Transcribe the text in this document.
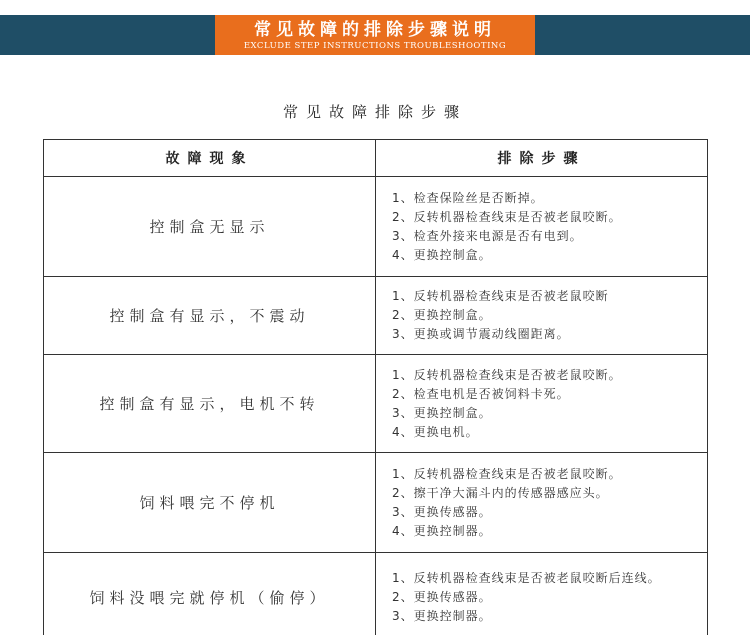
常见故障的排除步骤说明
EXCLUDE STEP INSTRUCTIONS TROUBLESHOOTING
常见故障排除步骤
故障现象	排除步骤
控制盒无显示	1、检查保险丝是否断掉。
2、反转机器检查线束是否被老鼠咬断。
3、检查外接来电源是否有电到。
4、更换控制盒。

控制盒有显示，不震动	1、反转机器检查线束是否被老鼠咬断
2、更换控制盒。
3、更换或调节震动线圈距离。

控制盒有显示，电机不转	1、反转机器检查线束是否被老鼠咬断。
2、检查电机是否被饲料卡死。
3、更换控制盒。
4、更换电机。

饲料喂完不停机	1、反转机器检查线束是否被老鼠咬断。
2、擦干净大漏斗内的传感器感应头。
3、更换传感器。
4、更换控制器。

饲料没喂完就停机（偷停）	1、反转机器检查线束是否被老鼠咬断后连线。
2、更换传感器。
3、更换控制器。
